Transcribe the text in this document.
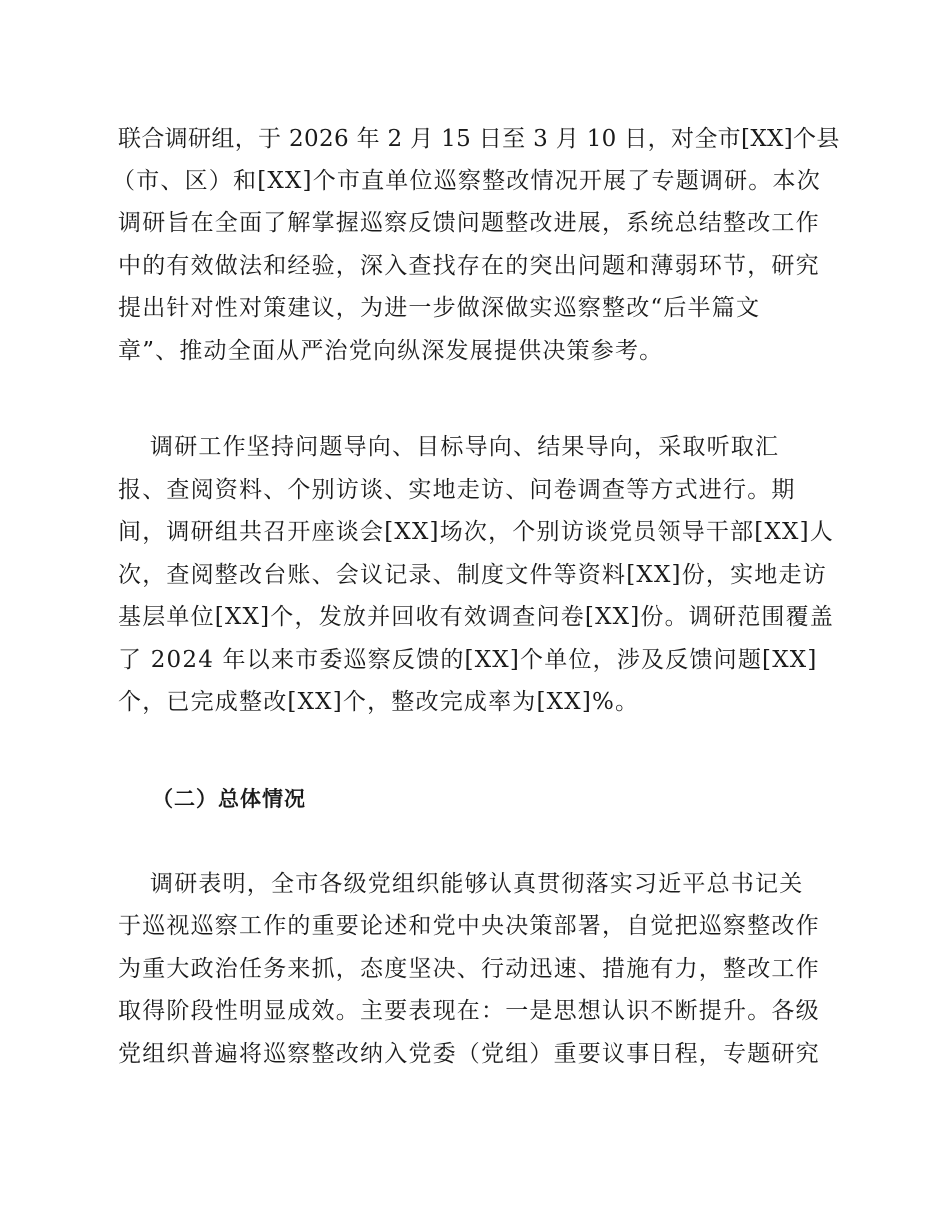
联合调研组，于 2026 年 2 月 15 日至 3 月 10 日，对全市[XX]个县
（市、区）和[XX]个市直单位巡察整改情况开展了专题调研。本次
调研旨在全面了解掌握巡察反馈问题整改进展，系统总结整改工作
中的有效做法和经验，深入查找存在的突出问题和薄弱环节，研究
提出针对性对策建议，为进一步做深做实巡察整改“后半篇文
章”、推动全面从严治党向纵深发展提供决策参考。
调研工作坚持问题导向、目标导向、结果导向，采取听取汇
报、查阅资料、个别访谈、实地走访、问卷调查等方式进行。期
间，调研组共召开座谈会[XX]场次，个别访谈党员领导干部[XX]人
次，查阅整改台账、会议记录、制度文件等资料[XX]份，实地走访
基层单位[XX]个，发放并回收有效调查问卷[XX]份。调研范围覆盖
了 2024 年以来市委巡察反馈的[XX]个单位，涉及反馈问题[XX]
个，已完成整改[XX]个，整改完成率为[XX]%。
（二）总体情况
调研表明，全市各级党组织能够认真贯彻落实习近平总书记关
于巡视巡察工作的重要论述和党中央决策部署，自觉把巡察整改作
为重大政治任务来抓，态度坚决、行动迅速、措施有力，整改工作
取得阶段性明显成效。主要表现在：一是思想认识不断提升。各级
党组织普遍将巡察整改纳入党委（党组）重要议事日程，专题研究
